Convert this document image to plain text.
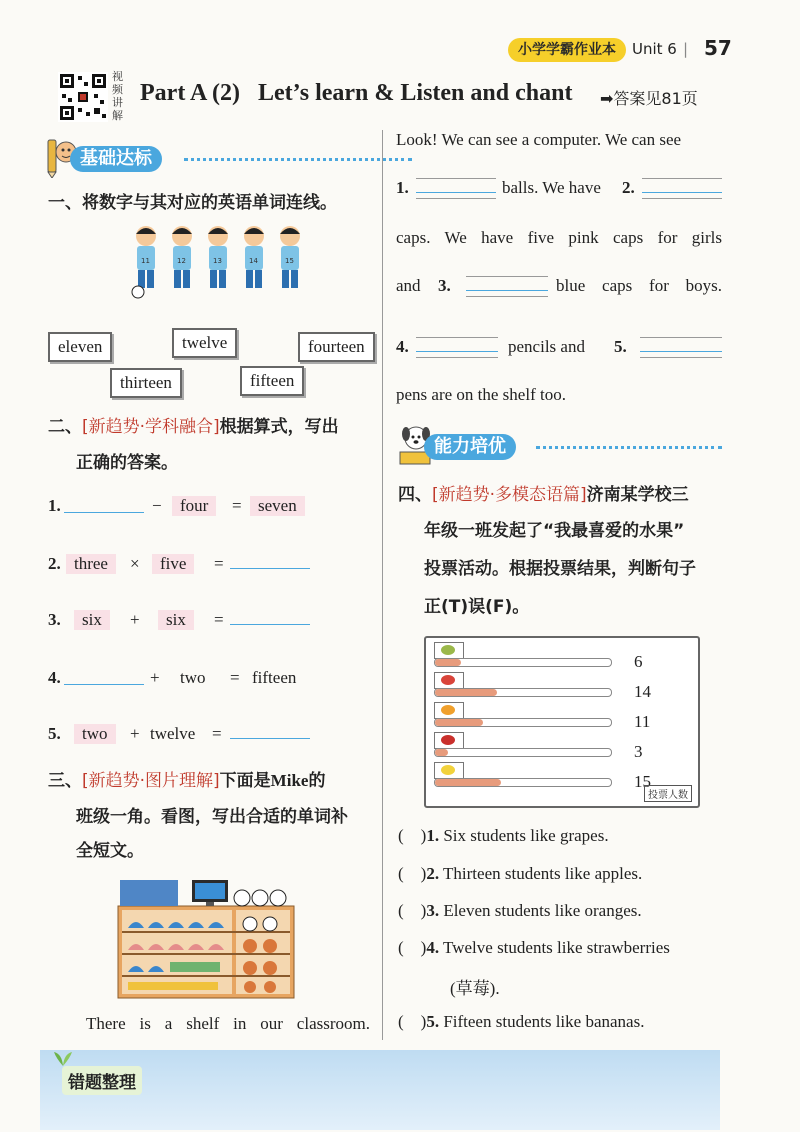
小学学霸作业本	Unit 6 | 57
视频讲解
Part A (2) Let’s learn & Listen and chant ➡答案见81页
基础达标
一、将数字与其对应的英语单词连线。
11	12	13	14	15
eleven	twelve	fourteen
thirteen	fifteen
二、[新趋势·学科融合]根据算式，写出
正确的答案。
1.	−	four	= seven
2. three	×	five	=
3.	six	+	six	=
4.	+ two = fifteen
5.	two	+ twelve =
三、[新趋势·图片理解]下面是Mike的
班级一角。看图，写出合适的单词补
全短文。
There is a shelf in our classroom.
Look! We can see a computer. We can see
1.	balls. We have 2.
caps. We have five pink caps for girls
and 3.	blue caps for boys.
4.	pencils and 5.
pens are on the shelf too.
能力培优
四、[新趋势·多模态语篇]济南某学校三
年级一班发起了“我最喜爱的水果”
投票活动。根据投票结果，判断句子
正(T)误(F)。
6
14
11
3
15
投票人数
(    )1. Six students like grapes.
(    )2. Thirteen students like apples.
(    )3. Eleven students like oranges.
(    )4. Twelve students like strawberries
(草莓).
(    )5. Fifteen students like bananas.
错题整理
